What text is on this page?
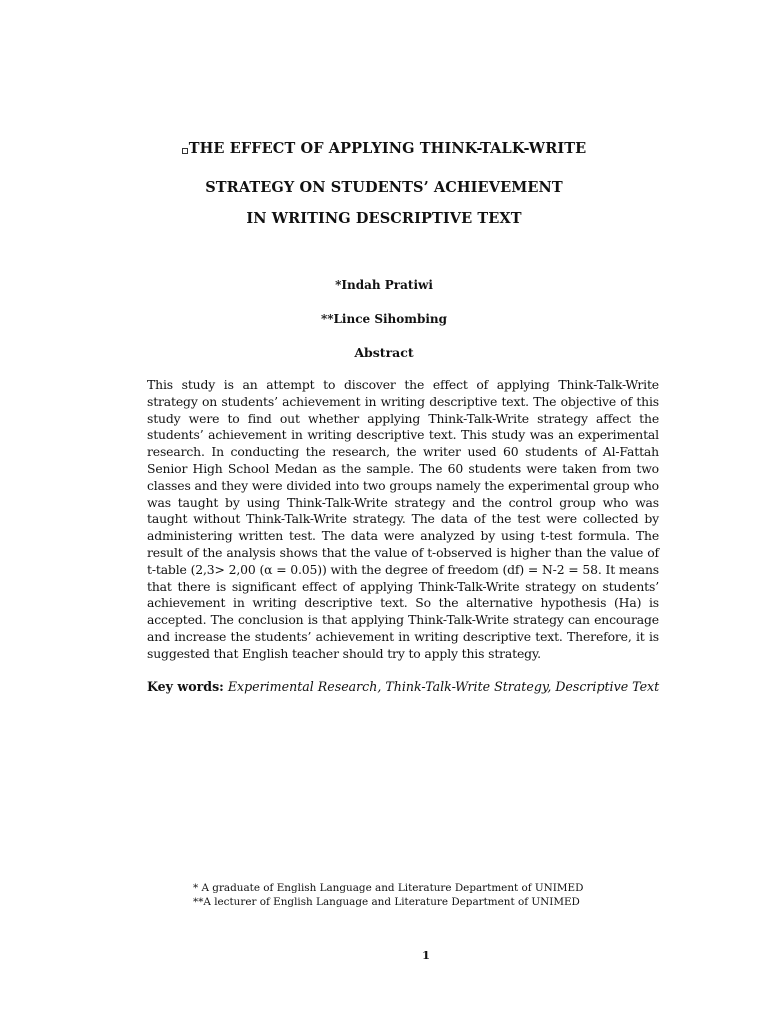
THE EFFECT OF APPLYING THINK-TALK-WRITE
STRATEGY ON STUDENTS’ ACHIEVEMENT
IN WRITING DESCRIPTIVE TEXT
*Indah Pratiwi
**Lince Sihombing
Abstract
This study is an attempt to discover the effect of applying Think-Talk-Write strategy on students’ achievement in writing descriptive text. The objective of this study were to find out whether applying Think-Talk-Write strategy affect the students’ achievement in writing descriptive text. This study was an experimental research. In conducting the research, the writer used 60 students of Al-Fattah Senior High School Medan as the sample. The 60 students were taken from two classes and they were divided into two groups namely the experimental group who was taught by using Think-Talk-Write strategy and the control group who was taught without Think-Talk-Write strategy. The data of the test were collected by administering written test. The data were analyzed by using t-test formula. The result of the analysis shows that the value of t-observed is higher than the value of t-table (2,3> 2,00 (α = 0.05)) with the degree of freedom (df) = N-2 = 58. It means that there is significant effect of applying Think-Talk-Write strategy on students’ achievement in writing descriptive text. So the alternative hypothesis (Ha) is accepted. The conclusion is that applying Think-Talk-Write strategy can encourage and increase the students’ achievement in writing descriptive text. Therefore, it is suggested that English teacher should try to apply this strategy.
Key words: Experimental Research, Think-Talk-Write Strategy, Descriptive Text
* A graduate of English Language and Literature Department of UNIMED
**A lecturer of English Language and Literature Department of UNIMED
1
